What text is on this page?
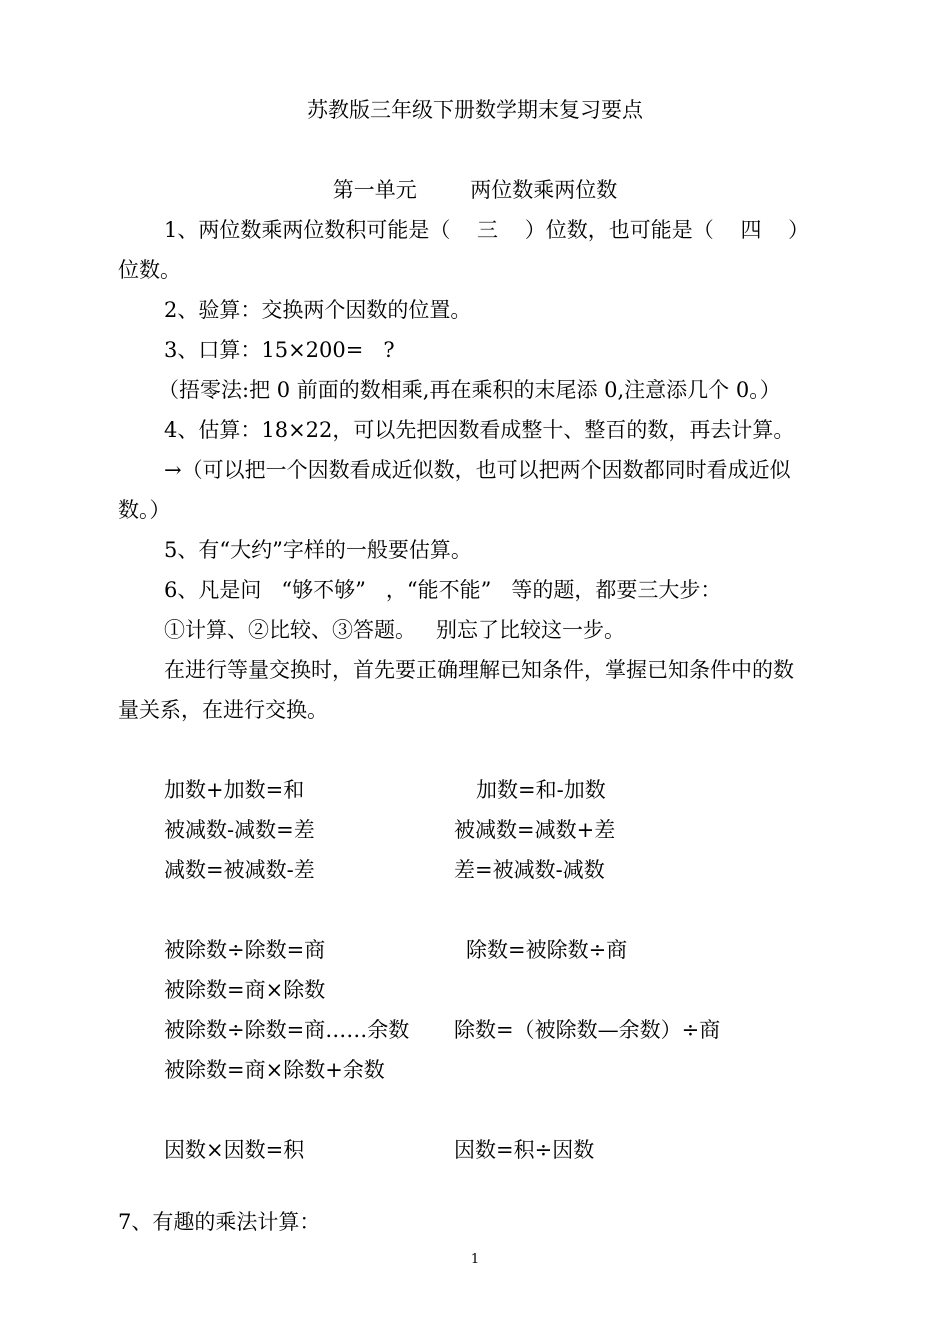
苏教版三年级下册数学期末复习要点

第一单元        两位数乘两位数

1、两位数乘两位数积可能是（    三    ）位数，也可能是（    四    ）

位数。

2、验算：交换两个因数的位置。

3、口算：15×200=   ?

（捂零法:把 0 前面的数相乘,再在乘积的末尾添 0,注意添几个 0。）

4、估算：18×22，可以先把因数看成整十、整百的数，再去计算。

→（可以把一个因数看成近似数，也可以把两个因数都同时看成近似

数。）

5、有“大约”字样的一般要估算。

6、凡是问   “够不够”   ，“能不能”   等的题，都要三大步：

①计算、②比较、③答题。   别忘了比较这一步。

在进行等量交换时，首先要正确理解已知条件，掌握已知条件中的数

量关系，在进行交换。

加数+加数=和	加数=和-加数

被减数-减数=差	被减数=减数+差

减数=被减数-差	差=被减数-减数

被除数÷除数=商	除数=被除数÷商

被除数=商×除数

被除数÷除数=商……余数 除数=（被除数—余数）÷商

被除数=商×除数+余数

因数×因数=积	因数=积÷因数

7、有趣的乘法计算：

1
